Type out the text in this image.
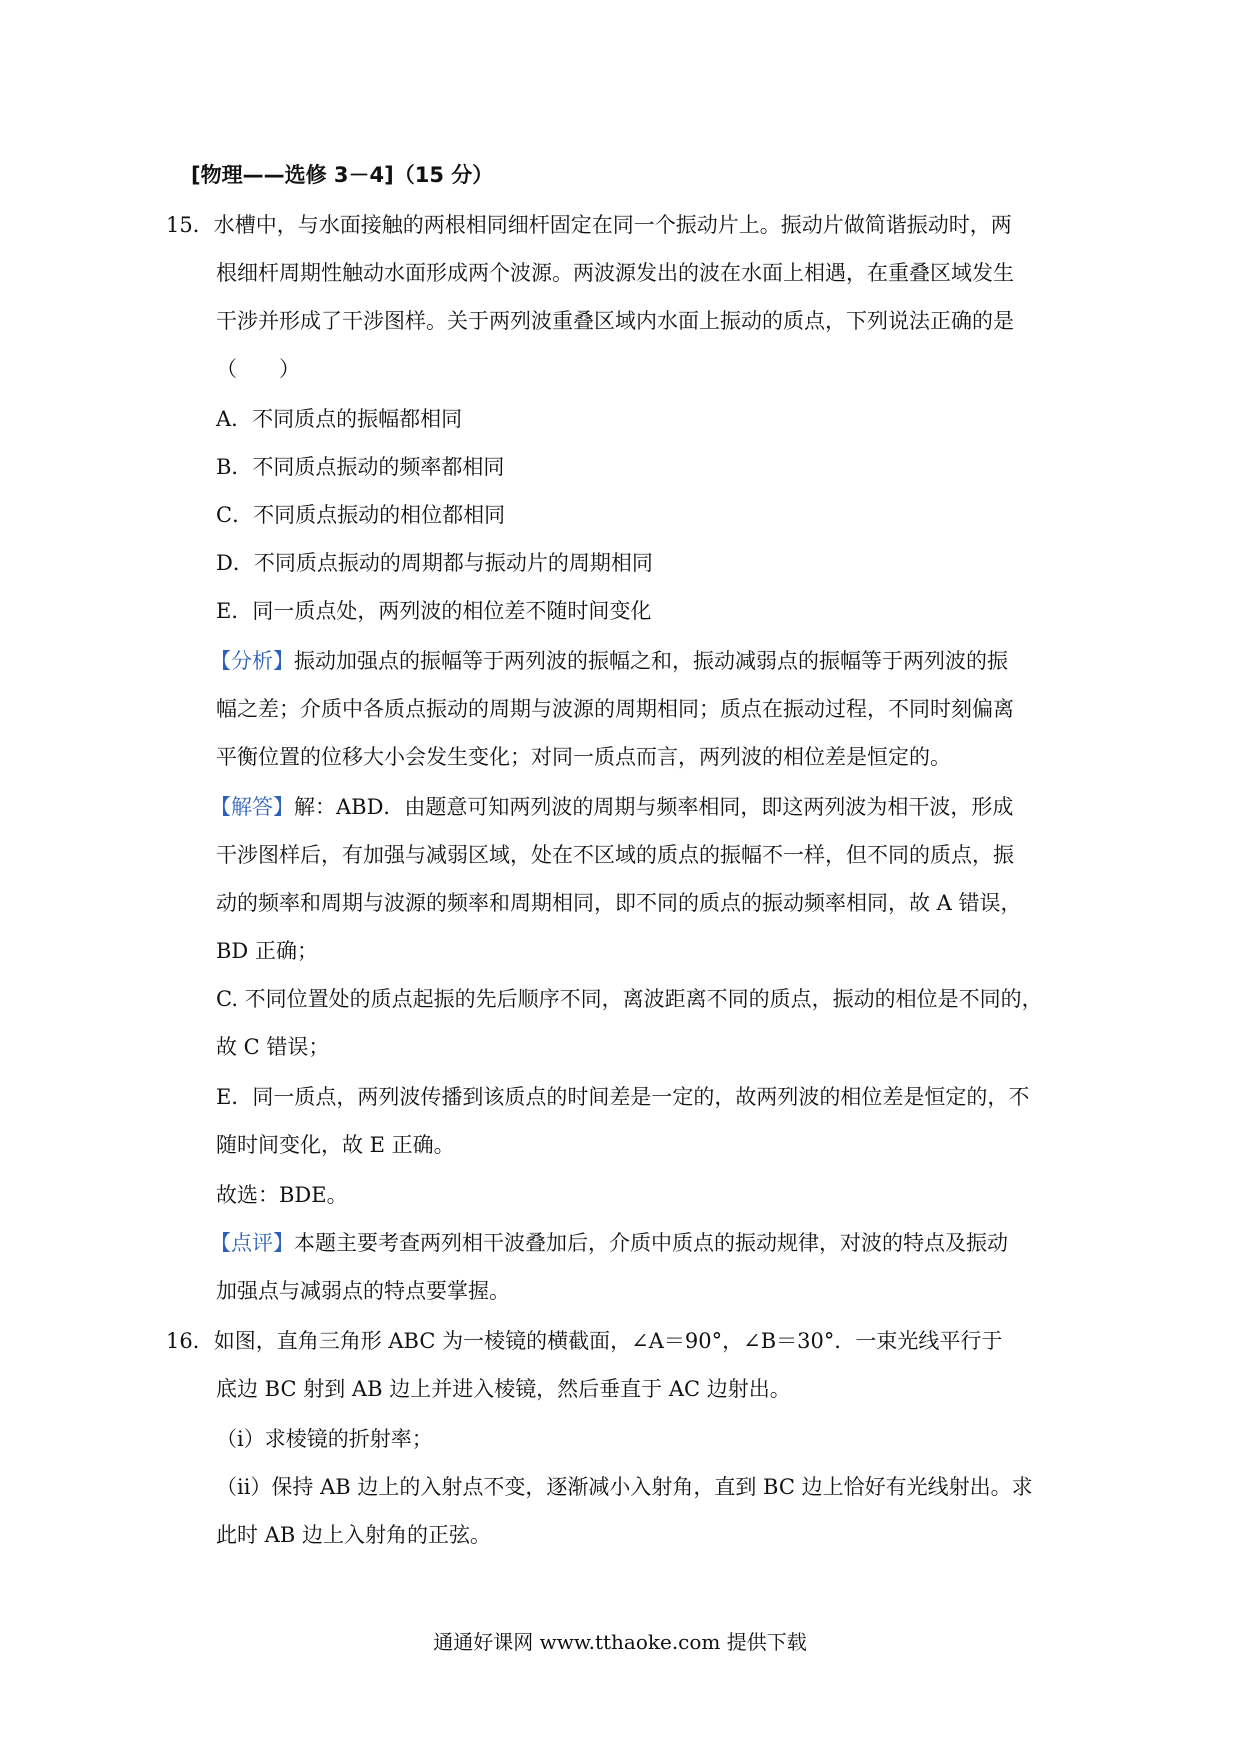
[物理——选修 3－4]（15 分）
15．水槽中，与水面接触的两根相同细杆固定在同一个振动片上。振动片做简谐振动时，两
根细杆周期性触动水面形成两个波源。两波源发出的波在水面上相遇，在重叠区域发生
干涉并形成了干涉图样。关于两列波重叠区域内水面上振动的质点，下列说法正确的是
（　　）
A．不同质点的振幅都相同
B．不同质点振动的频率都相同
C．不同质点振动的相位都相同
D．不同质点振动的周期都与振动片的周期相同
E．同一质点处，两列波的相位差不随时间变化
【分析】振动加强点的振幅等于两列波的振幅之和，振动减弱点的振幅等于两列波的振
幅之差；介质中各质点振动的周期与波源的周期相同；质点在振动过程，不同时刻偏离
平衡位置的位移大小会发生变化；对同一质点而言，两列波的相位差是恒定的。
【解答】解：ABD．由题意可知两列波的周期与频率相同，即这两列波为相干波，形成
干涉图样后，有加强与减弱区域，处在不区域的质点的振幅不一样，但不同的质点，振
动的频率和周期与波源的频率和周期相同，即不同的质点的振动频率相同，故 A 错误，
BD 正确；
C. 不同位置处的质点起振的先后顺序不同，离波距离不同的质点，振动的相位是不同的，
故 C 错误；
E．同一质点，两列波传播到该质点的时间差是一定的，故两列波的相位差是恒定的，不
随时间变化，故 E 正确。
故选：BDE。
【点评】本题主要考查两列相干波叠加后，介质中质点的振动规律，对波的特点及振动
加强点与减弱点的特点要掌握。
16．如图，直角三角形 ABC 为一棱镜的横截面，∠A＝90°，∠B＝30°．一束光线平行于
底边 BC 射到 AB 边上并进入棱镜，然后垂直于 AC 边射出。
（i）求棱镜的折射率；
（ii）保持 AB 边上的入射点不变，逐渐减小入射角，直到 BC 边上恰好有光线射出。求
此时 AB 边上入射角的正弦。
通通好课网 www.tthaoke.com 提供下载
